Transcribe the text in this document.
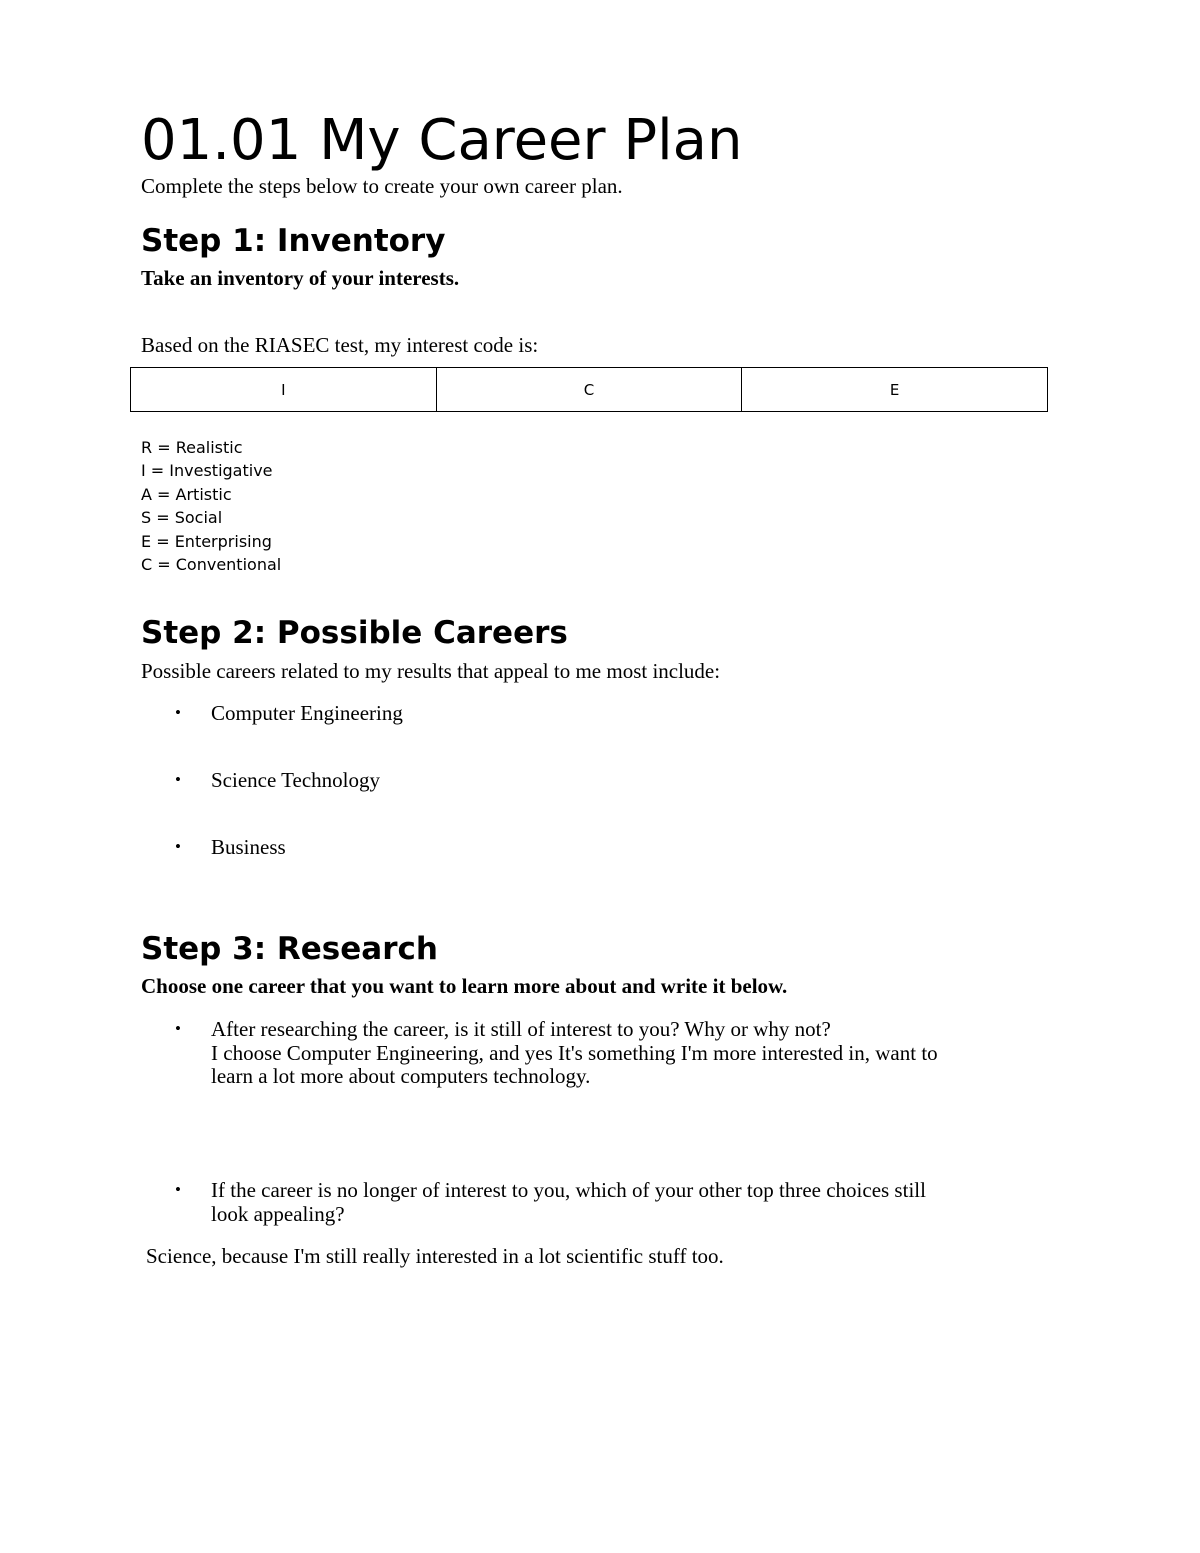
01.01 My Career Plan
Complete the steps below to create your own career plan.
Step 1: Inventory
Take an inventory of your interests.
Based on the RIASEC test, my interest code is:
I	C	E
R = Realistic
I = Investigative
A = Artistic
S = Social
E = Enterprising
C = Conventional
Step 2: Possible Careers
Possible careers related to my results that appeal to me most include:
• Computer Engineering
• Science Technology
• Business
Step 3: Research
Choose one career that you want to learn more about and write it below.
• After researching the career, is it still of interest to you? Why or why not?
I choose Computer Engineering, and yes It's something I'm more interested in, want to
learn a lot more about computers technology.
• If the career is no longer of interest to you, which of your other top three choices still
look appealing?
Science, because I'm still really interested in a lot scientific stuff too.
